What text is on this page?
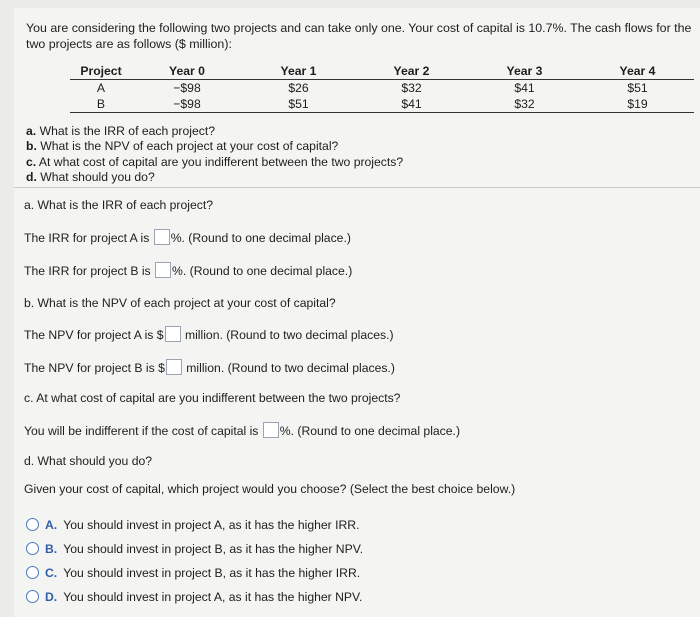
You are considering the following two projects and can take only one. Your cost of capital is 10.7%. The cash flows for the two projects are as follows ($ million):
Project	Year 0	Year 1	Year 2	Year 3	Year 4
A	−$98	$26	$32	$41	$51
B	−$98	$51	$41	$32	$19
a. What is the IRR of each project?
b. What is the NPV of each project at your cost of capital?
c. At what cost of capital are you indifferent between the two projects?
d. What should you do?
a. What is the IRR of each project?
The IRR for project A is %. (Round to one decimal place.)
The IRR for project B is %. (Round to one decimal place.)
b. What is the NPV of each project at your cost of capital?
The NPV for project A is $ million. (Round to two decimal places.)
The NPV for project B is $ million. (Round to two decimal places.)
c. At what cost of capital are you indifferent between the two projects?
You will be indifferent if the cost of capital is %. (Round to one decimal place.)
d. What should you do?
Given your cost of capital, which project would you choose? (Select the best choice below.)
A. You should invest in project A, as it has the higher IRR.
B. You should invest in project B, as it has the higher NPV.
C. You should invest in project B, as it has the higher IRR.
D. You should invest in project A, as it has the higher NPV.
